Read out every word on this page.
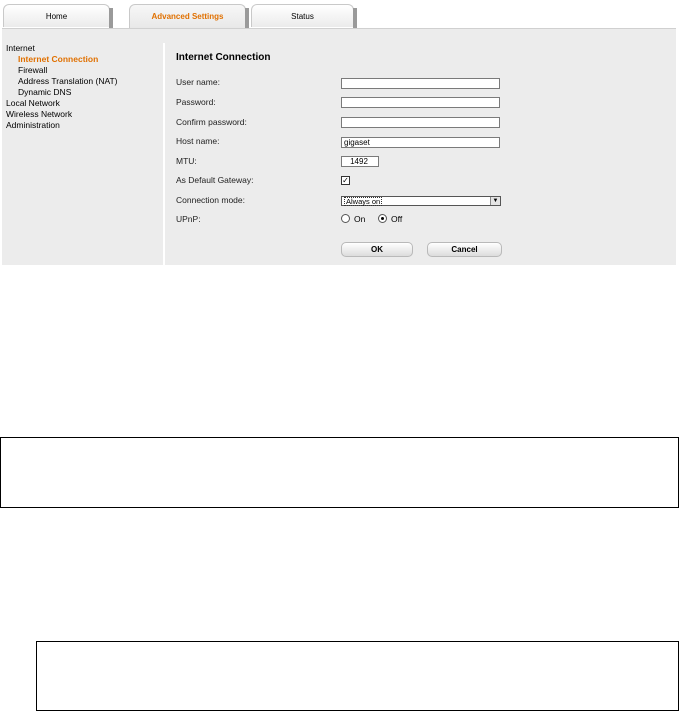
Home	Advanced Settings	Status
Internet
Internet Connection
Firewall
Address Translation (NAT)
Dynamic DNS
Local Network
Wireless Network
Administration
Internet Connection
User name:
Password:
Confirm password:
Host name:
gigaset
MTU:
1492
As Default Gateway:	✓
Connection mode:	Always on	▼
UPnP:	On	Off
OK	Cancel
